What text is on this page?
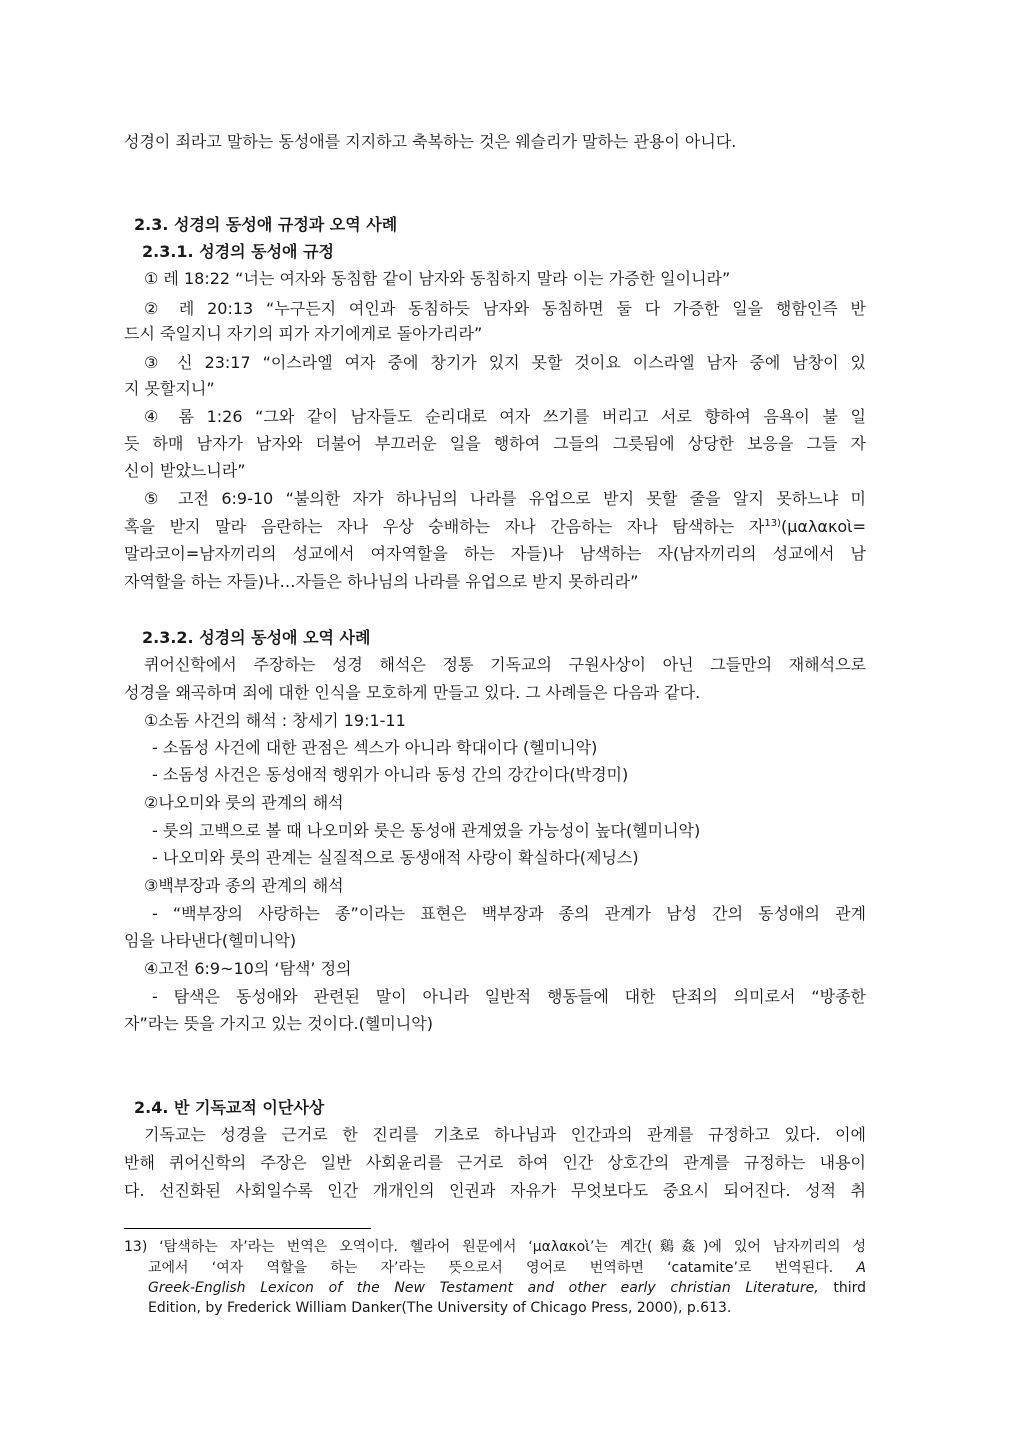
성경이 죄라고 말하는 동성애를 지지하고 축복하는 것은 웨슬리가 말하는 관용이 아니다.
2.3. 성경의 동성애 규정과 오역 사례
2.3.1. 성경의 동성애 규정
① 레 18:22 “너는 여자와 동침함 같이 남자와 동침하지 말라 이는 가증한 일이니라”
② 레 20:13 “누구든지 여인과 동침하듯 남자와 동침하면 둘 다 가증한 일을 행함인즉 반
드시 죽일지니 자기의 피가 자기에게로 돌아가리라”
③ 신 23:17 “이스라엘 여자 중에 창기가 있지 못할 것이요 이스라엘 남자 중에 남창이 있
지 못할지니”
④ 롬 1:26 “그와 같이 남자들도 순리대로 여자 쓰기를 버리고 서로 향하여 음욕이 불 일
듯 하매 남자가 남자와 더불어 부끄러운 일을 행하여 그들의 그릇됨에 상당한 보응을 그들 자
신이 받았느니라”
⑤ 고전 6:9-10 “불의한 자가 하나님의 나라를 유업으로 받지 못할 줄을 알지 못하느냐 미
혹을 받지 말라 음란하는 자나 우상 숭배하는 자나 간음하는 자나 탐색하는 자$^{13)}$(μαλακοὶ=
말라코이=남자끼리의 성교에서 여자역할을 하는 자들)나 남색하는 자(남자끼리의 성교에서 남
자역할을 하는 자들)나…자들은 하나님의 나라를 유업으로 받지 못하리라”
2.3.2. 성경의 동성애 오역 사례
퀴어신학에서 주장하는 성경 해석은 정통 기독교의 구원사상이 아닌 그들만의 재해석으로
성경을 왜곡하며 죄에 대한 인식을 모호하게 만들고 있다. 그 사례들은 다음과 같다.
①소돔 사건의 해석 : 창세기 19:1-11
- 소돔성 사건에 대한 관점은 섹스가 아니라 학대이다 (헬미니악)
- 소돔성 사건은 동성애적 행위가 아니라 동성 간의 강간이다(박경미)
②나오미와 룻의 관계의 해석
- 룻의 고백으로 볼 때 나오미와 룻은 동성애 관계였을 가능성이 높다(헬미니악)
- 나오미와 룻의 관계는 실질적으로 동생애적 사랑이 확실하다(제닝스)
③백부장과 종의 관계의 해석
- “백부장의 사랑하는 종”이라는 표현은 백부장과 종의 관계가 남성 간의 동성애의 관계
임을 나타낸다(헬미니악)
④고전 6:9~10의 ‘탐색’ 정의
- 탐색은 동성애와 관련된 말이 아니라 일반적 행동들에 대한 단죄의 의미로서 “방종한
자”라는 뜻을 가지고 있는 것이다.(헬미니악)
2.4. 반 기독교적 이단사상
기독교는 성경을 근거로 한 진리를 기초로 하나님과 인간과의 관계를 규정하고 있다. 이에
반해 퀴어신학의 주장은 일반 사회윤리를 근거로 하여 인간 상호간의 관계를 규정하는 내용이
다. 선진화된 사회일수록 인간 개개인의 인권과 자유가 무엇보다도 중요시 되어진다. 성적 취
13) ‘탐색하는 자’라는 번역은 오역이다. 헬라어 원문에서 ‘μαλακοὶ’는 계간(鷄姦)에 있어 남자끼리의 성
교에서 ‘여자 역할을 하는 자’라는 뜻으로서 영어로 번역하면 ‘catamite’로 번역된다. A
Greek-English Lexicon of the New Testament and other early christian Literature, third
Edition, by Frederick William Danker(The University of Chicago Press, 2000), p.613.
